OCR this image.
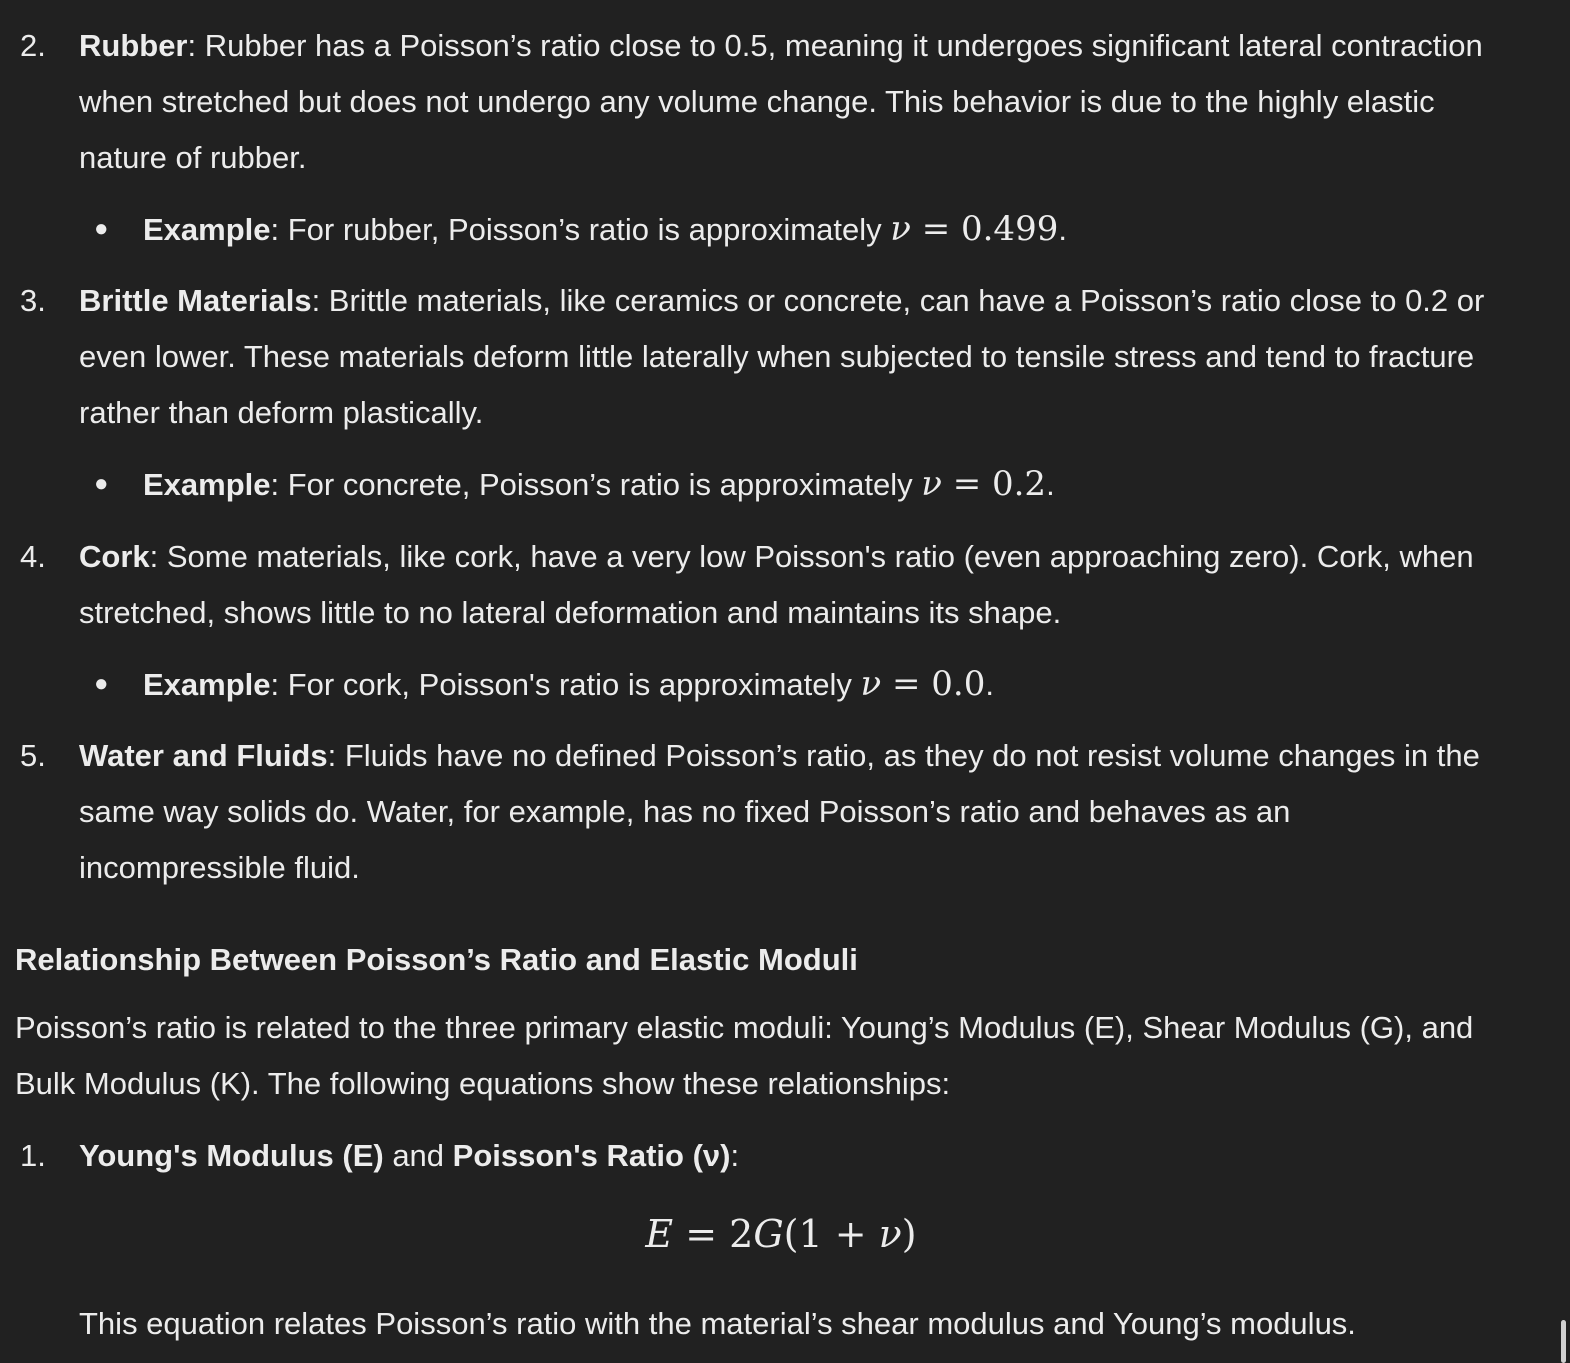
2. Rubber: Rubber has a Poisson’s ratio close to 0.5, meaning it undergoes significant lateral contraction when stretched but does not undergo any volume change. This behavior is due to the highly elastic nature of rubber.

● Example: For rubber, Poisson’s ratio is approximately ν = 0.499.
3. Brittle Materials: Brittle materials, like ceramics or concrete, can have a Poisson’s ratio close to 0.2 or even lower. These materials deform little laterally when subjected to tensile stress and tend to fracture rather than deform plastically.

● Example: For concrete, Poisson’s ratio is approximately ν = 0.2.
4. Cork: Some materials, like cork, have a very low Poisson's ratio (even approaching zero). Cork, when stretched, shows little to no lateral deformation and maintains its shape.

● Example: For cork, Poisson's ratio is approximately ν = 0.0.
5. Water and Fluids: Fluids have no defined Poisson’s ratio, as they do not resist volume changes in the same way solids do. Water, for example, has no fixed Poisson’s ratio and behaves as an incompressible fluid.

Relationship Between Poisson’s Ratio and Elastic Moduli
Poisson’s ratio is related to the three primary elastic moduli: Young’s Modulus (E), Shear Modulus (G), and Bulk Modulus (K). The following equations show these relationships:
1. Young's Modulus (E) and Poisson's Ratio (ν):

E = 2G(1 + ν)
This equation relates Poisson’s ratio with the material’s shear modulus and Young’s modulus.
